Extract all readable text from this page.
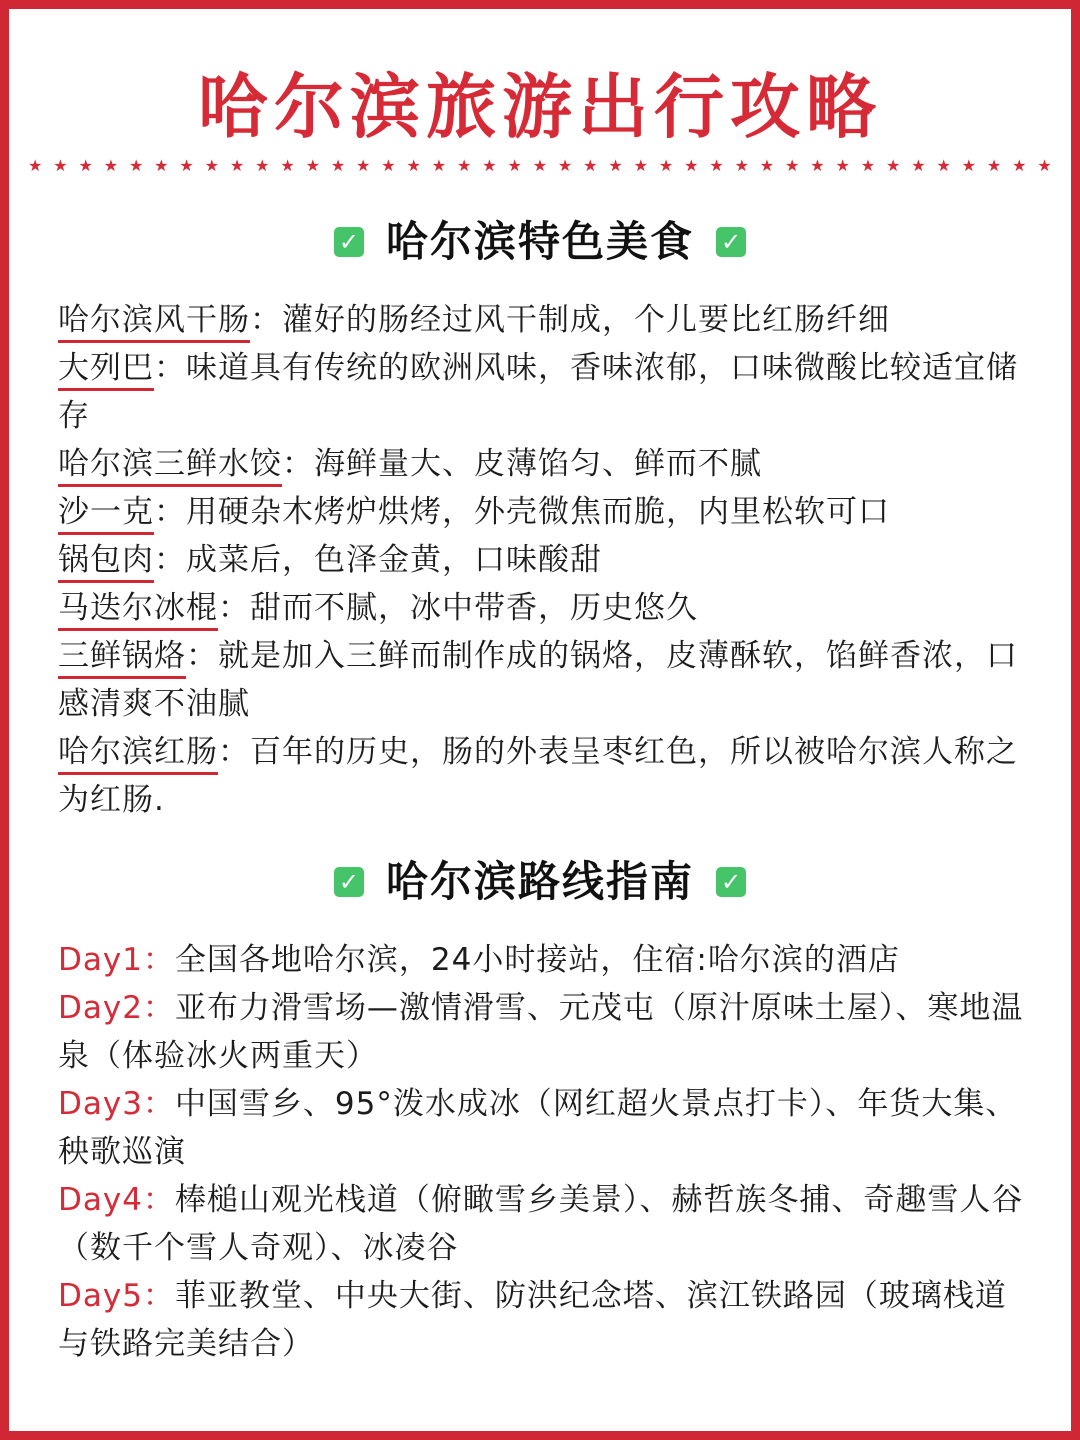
哈尔滨旅游出行攻略
★ ★ ★ ★ ★ ★ ★ ★ ★ ★ ★ ★ ★ ★ ★ ★ ★ ★ ★ ★ ★ ★ ★ ★ ★ ★ ★ ★ ★ ★ ★ ★ ★ ★ ★ ★ ★ ★ ★ ★ ★
✓ 哈尔滨特色美食 ✓

哈尔滨风干肠：灌好的肠经过风干制成，个儿要比红肠纤细

大列巴：味道具有传统的欧洲风味，香味浓郁，口味微酸比较适宜储存

哈尔滨三鲜水饺：海鲜量大、皮薄馅匀、鲜而不腻

沙一克：用硬杂木烤炉烘烤，外壳微焦而脆，内里松软可口

锅包肉：成菜后，色泽金黄，口味酸甜

马迭尔冰棍：甜而不腻，冰中带香，历史悠久

三鲜锅烙：就是加入三鲜而制作成的锅烙，皮薄酥软，馅鲜香浓，口感清爽不油腻

哈尔滨红肠：百年的历史，肠的外表呈枣红色，所以被哈尔滨人称之为红肠.

✓ 哈尔滨路线指南 ✓

Day1：全国各地哈尔滨，24小时接站，住宿:哈尔滨的酒店

Day2：亚布力滑雪场—激情滑雪、元茂屯（原汁原味土屋）、寒地温泉（体验冰火两重天）

Day3：中国雪乡、95°泼水成冰（网红超火景点打卡）、年货大集、秧歌巡演

Day4：棒槌山观光栈道（俯瞰雪乡美景）、赫哲族冬捕、奇趣雪人谷（数千个雪人奇观）、冰凌谷

Day5：菲亚教堂、中央大街、防洪纪念塔、滨江铁路园（玻璃栈道与铁路完美结合）
